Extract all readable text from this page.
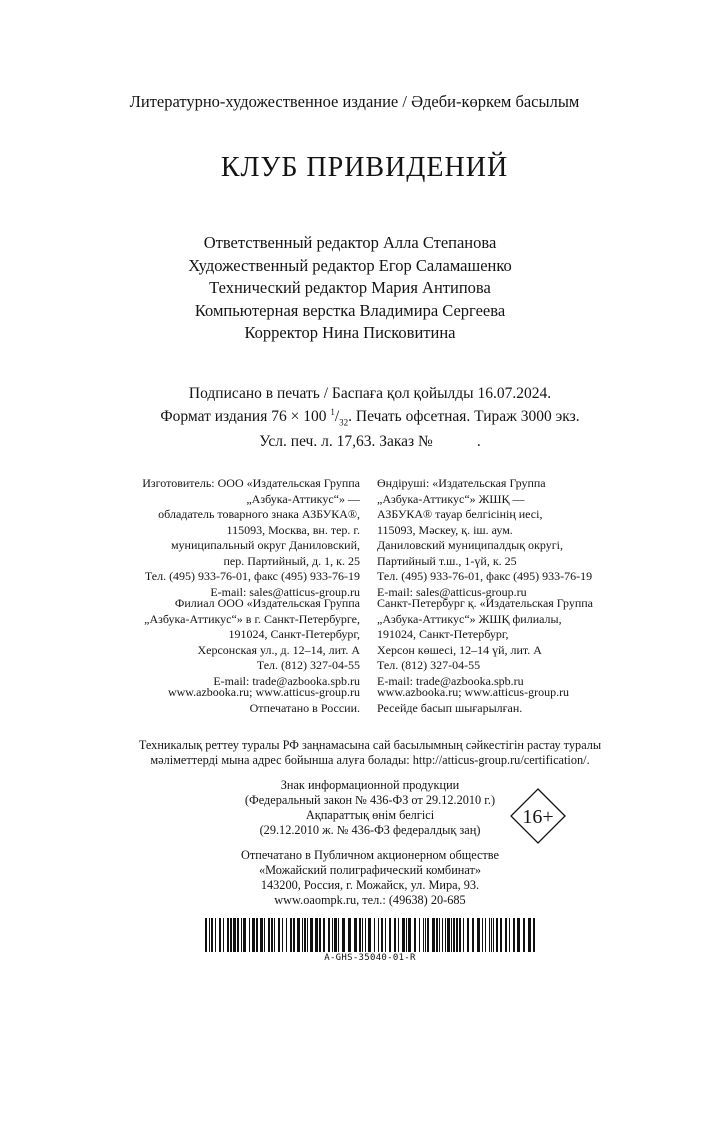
Литературно-художественное издание / Әдеби-көркем басылым
КЛУБ ПРИВИДЕНИЙ
Ответственный редактор Алла Степанова
Художественный редактор Егор Саламашенко
Технический редактор Мария Антипова
Компьютерная верстка Владимира Сергеева
Корректор Нина Писковитина
Подписано в печать / Баспаға қол қойылды 16.07.2024.
Формат издания 76 × 100 $^1/_{32}$. Печать офсетная. Тираж 3000 экз.
Усл. печ. л. 17,63. Заказ №	.
Изготовитель: ООО «Издательская Группа
„Азбука-Аттикус“» —
обладатель товарного знака АЗБУКА®,
115093, Москва, вн. тер. г.
муниципальный округ Даниловский,
пер. Партийный, д. 1, к. 25
Тел. (495) 933-76-01, факс (495) 933-76-19
E-mail: sales@atticus-group.ru
Өндіруші: «Издательская Группа
„Азбука-Аттикус“» ЖШҚ —
АЗБУКА® тауар белгісінің иесі,
115093, Мәскеу, қ. іш. аум.
Даниловский муниципалдық округі,
Партийный т.ш., 1-үй, к. 25
Тел. (495) 933-76-01, факс (495) 933-76-19
E-mail: sales@atticus-group.ru
Филиал ООО «Издательская Группа
„Азбука-Аттикус“» в г. Санкт-Петербурге,
191024, Санкт-Петербург,
Херсонская ул., д. 12–14, лит. А
Тел. (812) 327-04-55
E-mail: trade@azbooka.spb.ru
Санкт-Петербург қ. «Издательская Группа
„Азбука-Аттикус“» ЖШҚ филиалы,
191024, Санкт-Петербург,
Херсон көшесі, 12–14 үй, лит. А
Тел. (812) 327-04-55
E-mail: trade@azbooka.spb.ru
www.azbooka.ru; www.atticus-group.ru
Отпечатано в России.
www.azbooka.ru; www.atticus-group.ru
Ресейде басып шығарылған.
Техникалық реттеу туралы РФ заңнамасына сай басылымның сәйкестігін растау туралы
мәліметтерді мына адрес бойынша алуға болады: http://atticus-group.ru/certification/.
Знак информационной продукции
(Федеральный закон № 436-ФЗ от 29.12.2010 г.)
Ақпараттық өнім белгісі
(29.12.2010 ж. № 436-ФЗ федералдық заң)
16+
Отпечатано в Публичном акционерном обществе
«Можайский полиграфический комбинат»
143200, Россия, г. Можайск, ул. Мира, 93.
www.oaompk.ru, тел.: (49638) 20-685
A-GHS-35040-01-R
